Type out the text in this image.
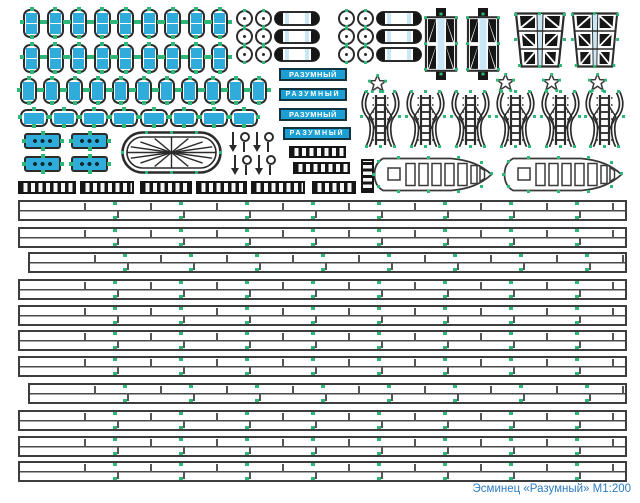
Эсминец «Разумный» М1:200
РАЗУМНЫЙ
РАЗУМНЫЙ
РАЗУМНЫЙ
РАЗУМНЫЙ
